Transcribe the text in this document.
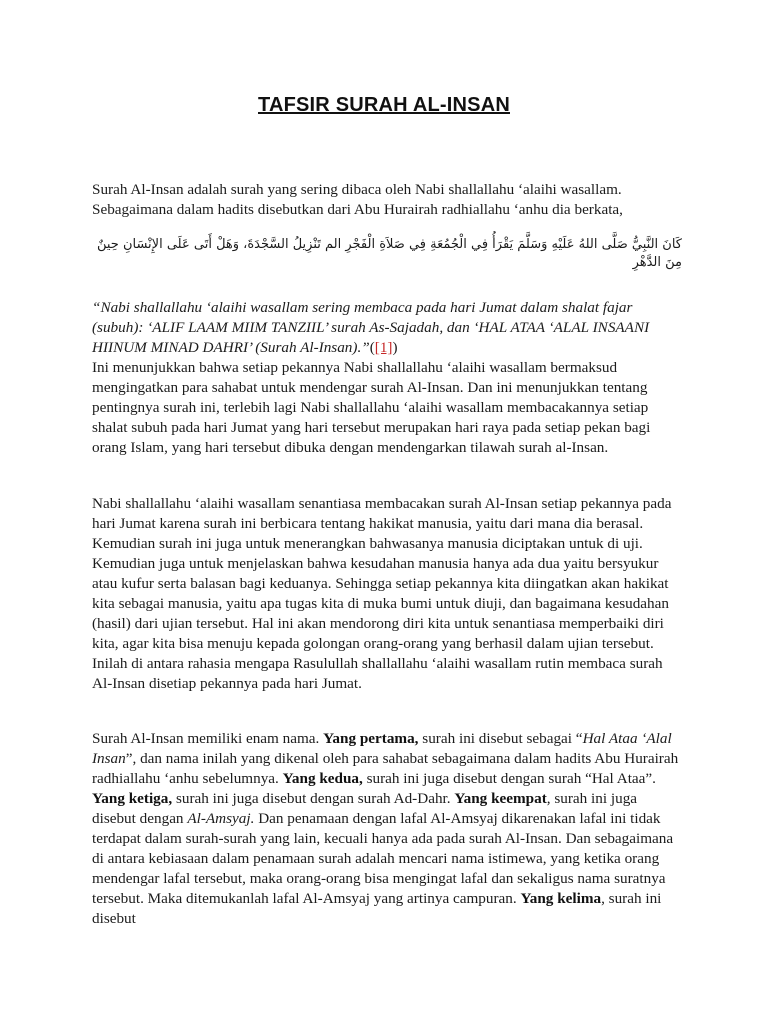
TAFSIR SURAH AL-INSAN

Surah Al-Insan adalah surah yang sering dibaca oleh Nabi shallallahu ‘alaihi wasallam. Sebagaimana dalam hadits disebutkan dari Abu Hurairah radhiallahu ‘anhu dia berkata,

كَانَ النَّبِيُّ صَلَّى اللهُ عَلَيْهِ وَسَلَّمَ يَقْرَأُ فِي الْجُمُعَةِ فِي صَلاَةِ الْفَجْرِ الم تَنْزِيلُ السَّجْدَةَ، وَهَلْ أَتَى عَلَى الإِنْسَانِ حِينٌ مِنَ الدَّهْرِ

“Nabi shallallahu ‘alaihi wasallam sering membaca pada hari Jumat dalam shalat fajar (subuh): ‘ALIF LAAM MIIM TANZIIL’ surah As-Sajadah, dan ‘HAL ATAA ‘ALAL INSAANI HIINUM MINAD DAHRI’ (Surah Al-Insan).”([1])
Ini menunjukkan bahwa setiap pekannya Nabi shallallahu ‘alaihi wasallam bermaksud mengingatkan para sahabat untuk mendengar surah Al-Insan. Dan ini menunjukkan tentang pentingnya surah ini, terlebih lagi Nabi shallallahu ‘alaihi wasallam membacakannya setiap shalat subuh pada hari Jumat yang hari tersebut merupakan hari raya pada setiap pekan bagi orang Islam, yang hari tersebut dibuka dengan mendengarkan tilawah surah al-Insan.

Nabi shallallahu ‘alaihi wasallam senantiasa membacakan surah Al-Insan setiap pekannya pada hari Jumat karena surah ini berbicara tentang hakikat manusia, yaitu dari mana dia berasal. Kemudian surah ini juga untuk menerangkan bahwasanya manusia diciptakan untuk di uji. Kemudian juga untuk menjelaskan bahwa kesudahan manusia hanya ada dua yaitu bersyukur atau kufur serta balasan bagi keduanya. Sehingga setiap pekannya kita diingatkan akan hakikat kita sebagai manusia, yaitu apa tugas kita di muka bumi untuk diuji, dan bagaimana kesudahan (hasil) dari ujian tersebut. Hal ini akan mendorong diri kita untuk senantiasa memperbaiki diri kita, agar kita bisa menuju kepada golongan orang-orang yang berhasil dalam ujian tersebut. Inilah di antara rahasia mengapa Rasulullah shallallahu ‘alaihi wasallam rutin membaca surah Al-Insan disetiap pekannya pada hari Jumat.

Surah Al-Insan memiliki enam nama. Yang pertama, surah ini disebut sebagai “Hal Ataa ‘Alal Insan”, dan nama inilah yang dikenal oleh para sahabat sebagaimana dalam hadits Abu Hurairah radhiallahu ‘anhu sebelumnya. Yang kedua, surah ini juga disebut dengan surah “Hal Ataa”. Yang ketiga, surah ini juga disebut dengan surah Ad-Dahr. Yang keempat, surah ini juga disebut dengan Al-Amsyaj. Dan penamaan dengan lafal Al-Amsyaj dikarenakan lafal ini tidak terdapat dalam surah-surah yang lain, kecuali hanya ada pada surah Al-Insan. Dan sebagaimana di antara kebiasaan dalam penamaan surah adalah mencari nama istimewa, yang ketika orang mendengar lafal tersebut, maka orang-orang bisa mengingat lafal dan sekaligus nama suratnya tersebut. Maka ditemukanlah lafal Al-Amsyaj yang artinya campuran. Yang kelima, surah ini disebut
